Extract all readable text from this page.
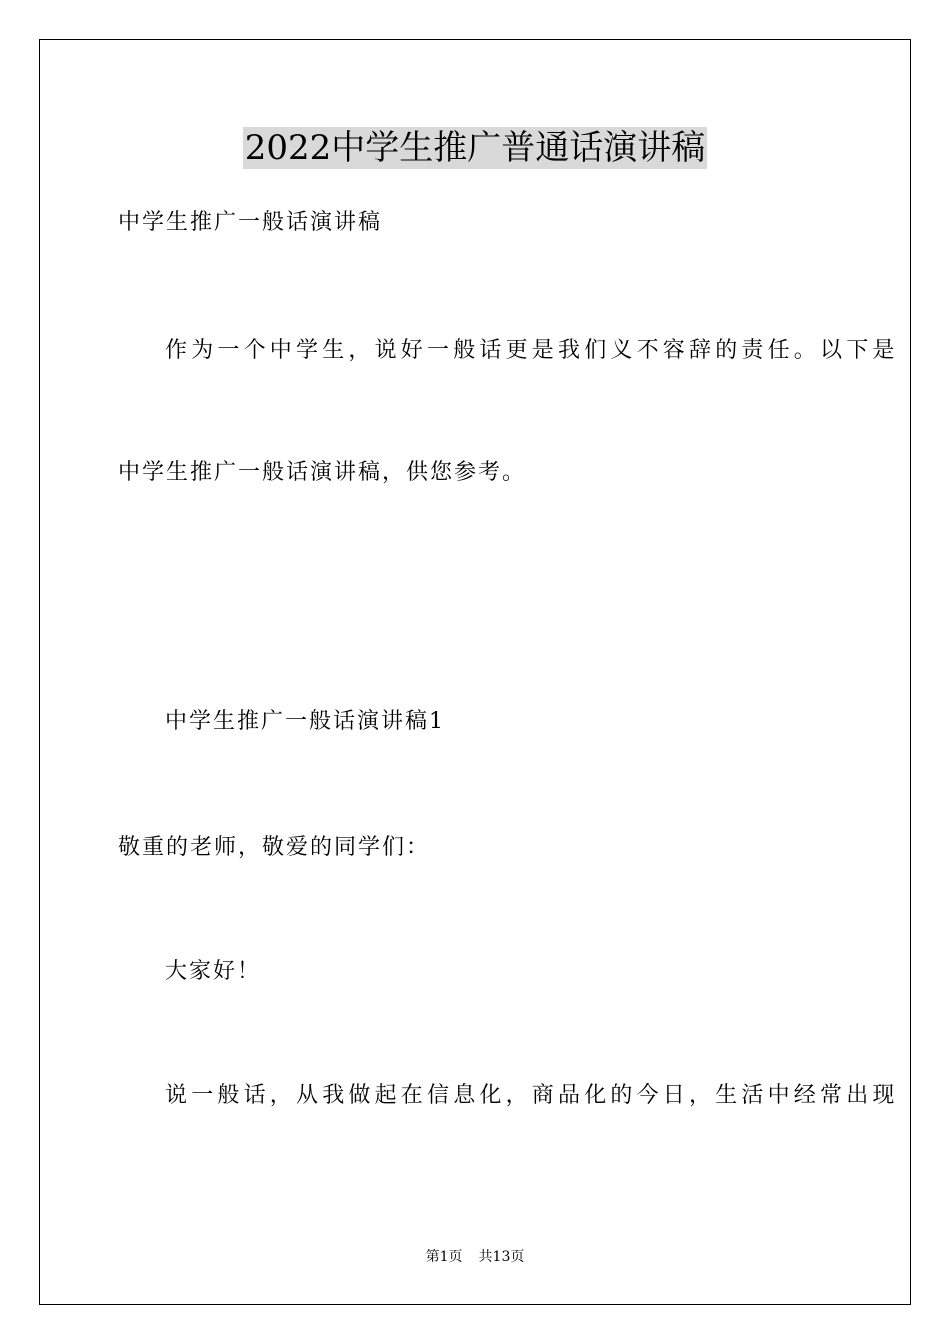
2022中学生推广普通话演讲稿
中学生推广一般话演讲稿
作为一个中学生，说好一般话更是我们义不容辞的责任。以下是
中学生推广一般话演讲稿，供您参考。
中学生推广一般话演讲稿1
敬重的老师，敬爱的同学们：
大家好！
说一般话，从我做起在信息化，商品化的今日，生活中经常出现
第1页 共13页
